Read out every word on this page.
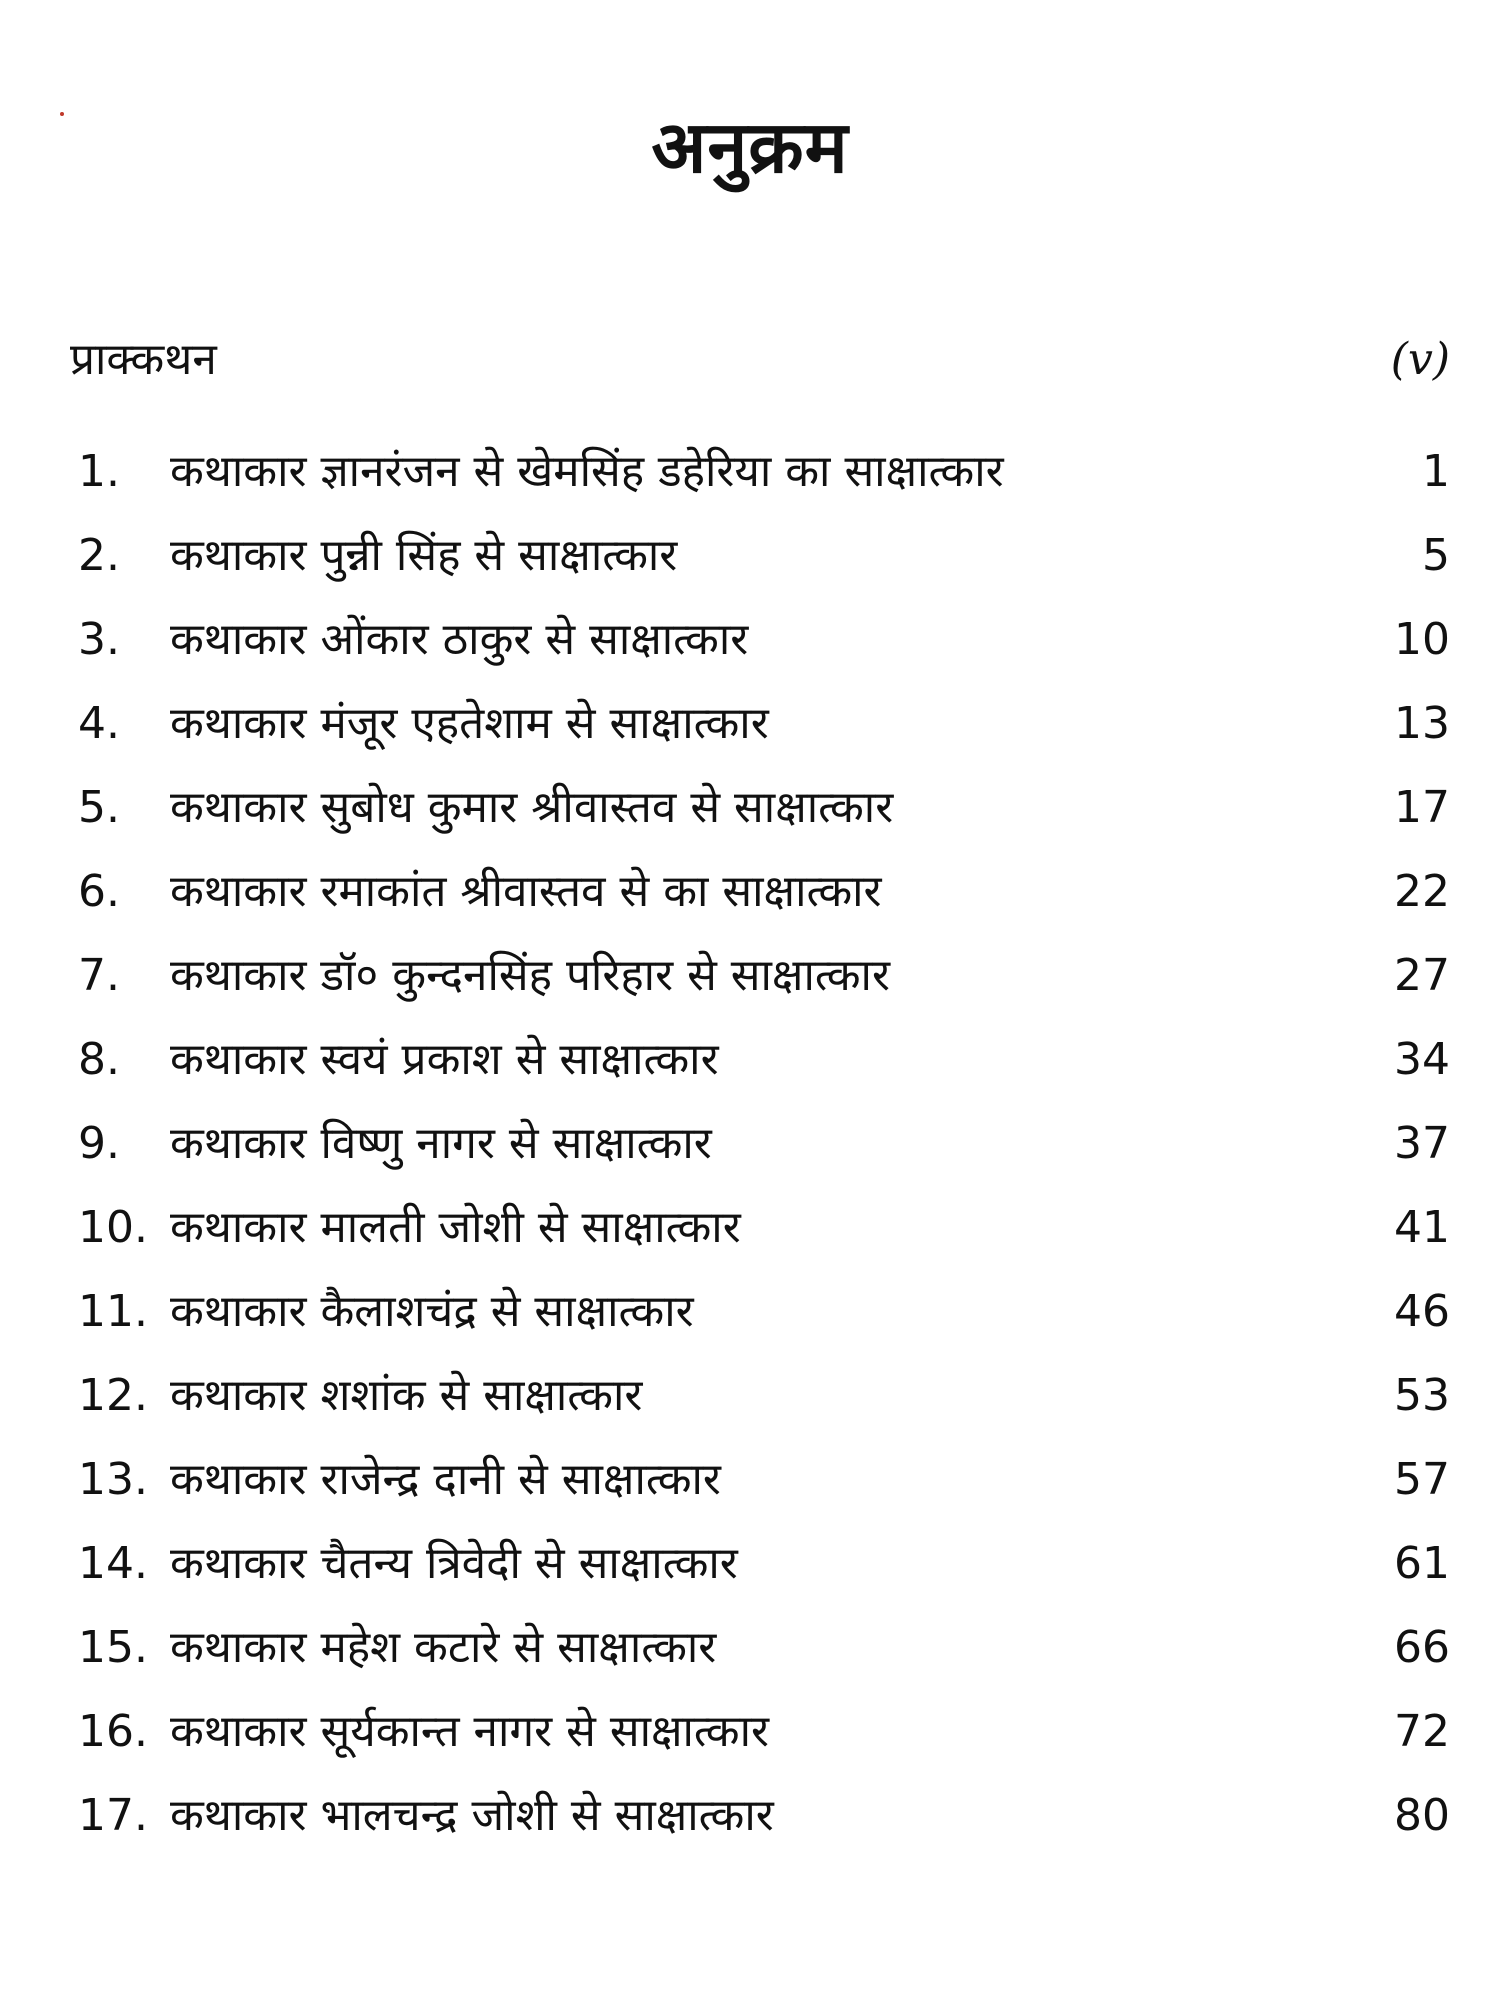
अनुक्रम
प्राक्कथन	(v)
1. कथाकार ज्ञानरंजन से खेमसिंह डहेरिया का साक्षात्कार	1
2. कथाकार पुन्नी सिंह से साक्षात्कार	5
3. कथाकार ओंकार ठाकुर से साक्षात्कार	10
4. कथाकार मंजूर एहतेशाम से साक्षात्कार	13
5. कथाकार सुबोध कुमार श्रीवास्तव से साक्षात्कार	17
6. कथाकार रमाकांत श्रीवास्तव से का साक्षात्कार	22
7. कथाकार डॉ० कुन्दनसिंह परिहार से साक्षात्कार	27
8. कथाकार स्वयं प्रकाश से साक्षात्कार	34
9. कथाकार विष्णु नागर से साक्षात्कार	37
10. कथाकार मालती जोशी से साक्षात्कार	41
11. कथाकार कैलाशचंद्र से साक्षात्कार	46
12. कथाकार शशांक से साक्षात्कार	53
13. कथाकार राजेन्द्र दानी से साक्षात्कार	57
14. कथाकार चैतन्य त्रिवेदी से साक्षात्कार	61
15. कथाकार महेश कटारे से साक्षात्कार	66
16. कथाकार सूर्यकान्त नागर से साक्षात्कार	72
17. कथाकार भालचन्द्र जोशी से साक्षात्कार	80
